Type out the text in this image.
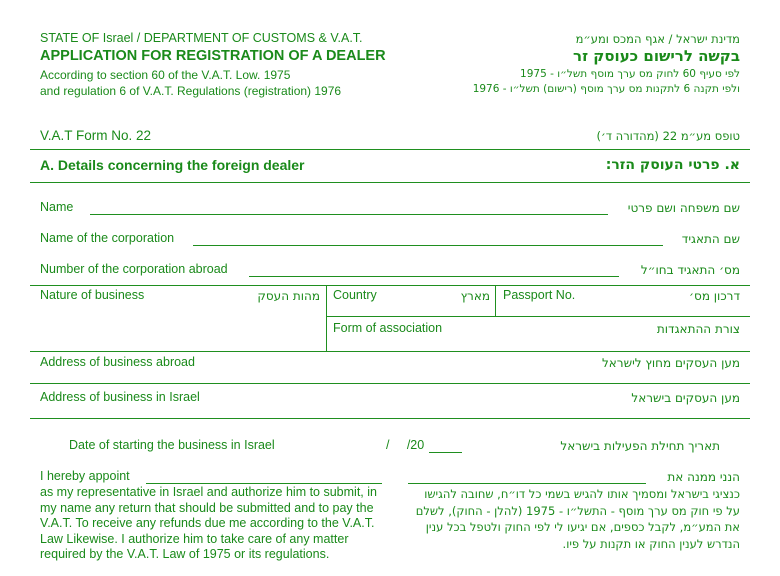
STATE OF Israel / DEPARTMENT OF CUSTOMS & V.A.T.
APPLICATION FOR REGISTRATION OF A DEALER
According to section 60 of the V.A.T. Low. 1975
and regulation 6 of V.A.T. Regulations (registration) 1976
מדינת ישראל / אגף המכס ומע״מ
בקשה לרישום כעוסק זר
לפי סעיף 60 לחוק מס ערך מוסף תשל״ו - 1975
ולפי תקנה 6 לתקנות מס ערך מוסף (רישום) תשל״ו - 1976
V.A.T Form No. 22	טופס מע״מ 22 (מהדורה ד׳)
A. Details concerning the foreign dealer	א. פרטי העוסק הזר:
Name	שם משפחה ושם פרטי
Name of the corporation	שם התאגיד
Number of the corporation abroad	מס׳ התאגיד בחו״ל
Nature of business	מהות העסק Country	מארץ Passport No.	דרכון מס׳
Form of association	צורת ההתאגדות
Address of business abroad	מען העסקים מחוץ לישראל
Address of business in Israel	מען העסקים בישראל
Date of starting the business in Israel	/     /20	תאריך תחילת הפעילות בישראל
I hereby appoint
as my representative in Israel and authorize him to submit, in my name any return that should be submitted and to pay the V.A.T. To receive any refunds due me according to the V.A.T. Law Likewise. I authorize him to take care of any matter required by the V.A.T. Law of 1975 or its regulations.
הנני ממנה את
כנציגי בישראל ומסמיך אותו להגיש בשמי כל דו״ח, שחובה להגישו על פי חוק מס ערך מוסף - התשל״ו - 1975 (להלן - החוק), לשלם את המע״מ, לקבל כספים, אם יגיעו לי לפי החוק ולטפל בכל ענין הנדרש לענין החוק או תקנות על פיו.
